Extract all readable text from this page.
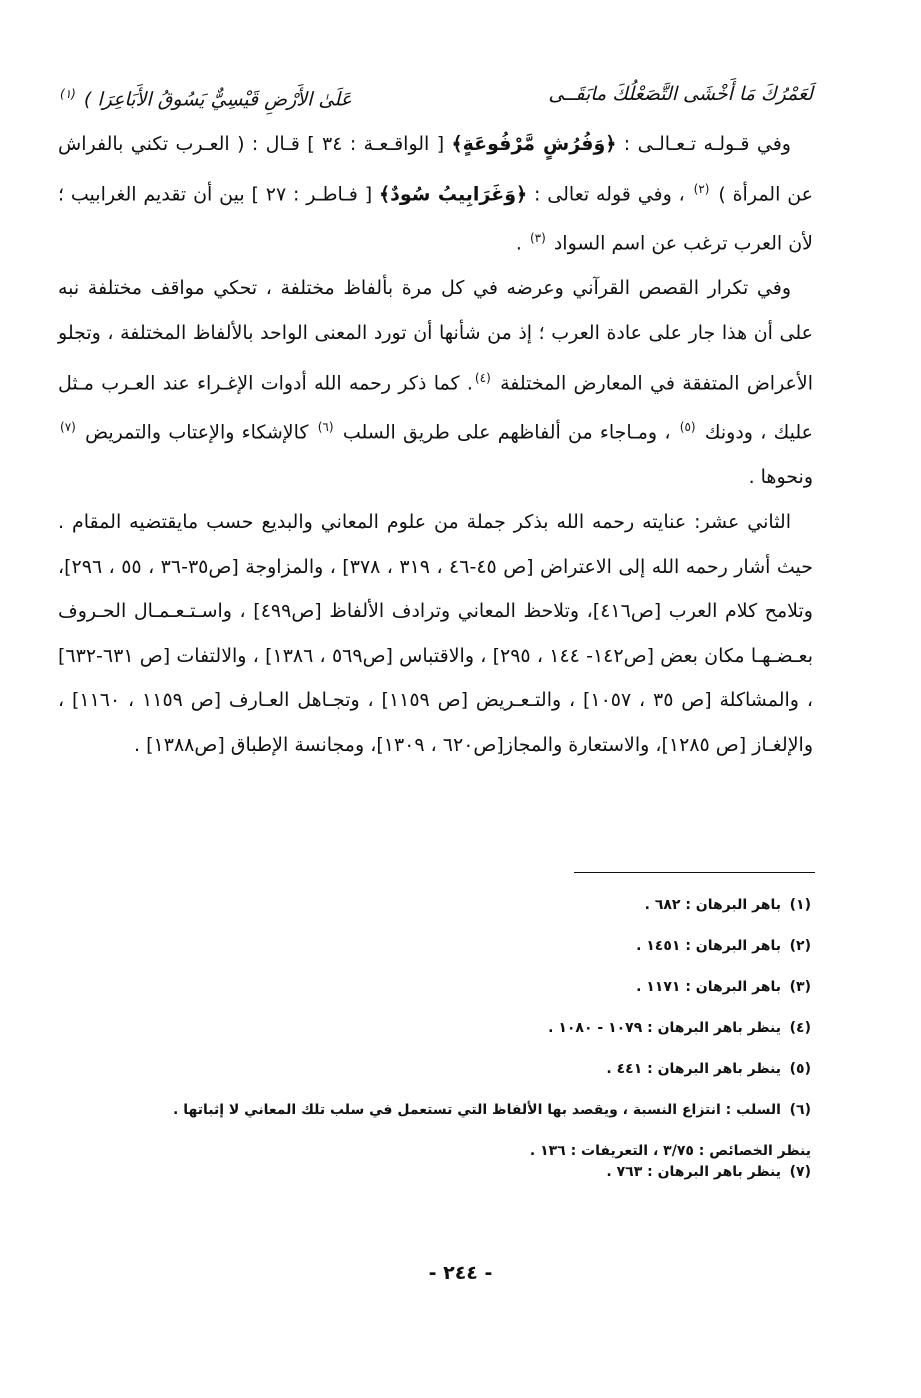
لَعَمْرُكَ مَا أَخْشَى التَّصَعْلُكَ مابَقَــى
عَلَىٰ الأَرْضِ قَيْسِيٌّ يَسُوقُ الأَبَاعِرَا ) $^{(١)}$

وفي قـولـه تـعـالـى : ﴿وَفُرُشٍ مَّرْفُوعَةٍ﴾ [ الواقـعـة : ٣٤ ] قـال : ( العـرب تكني بالفراش عن المرأة ) $^{(٢)}$ ، وفي قوله تعالى : ﴿وَغَرَابِيبُ سُودٌ﴾ [ فـاطـر : ٢٧ ] بين أن تقديم الغرابيب ؛ لأن العرب ترغب عن اسم السواد $^{(٣)}$ .

وفي تكرار القصص القرآني وعرضه في كل مرة بألفاظ مختلفة ، تحكي مواقف مختلفة نبه على أن هذا جار على عادة العرب ؛ إذ من شأنها أن تورد المعنى الواحد بالألفاظ المختلفة ، وتجلو الأعراض المتفقة في المعارض المختلفة $^{(٤)}$. كما ذكر رحمه الله أدوات الإغـراء عند العـرب مـثل عليك ، ودونك $^{(٥)}$ ، ومـاجاء من ألفاظهم على طريق السلب $^{(٦)}$ كالإشكاء والإعتاب والتمريض $^{(٧)}$ ونحوها .

الثاني عشر: عنايته رحمه الله بذكر جملة من علوم المعاني والبديع حسب مايقتضيه المقام . حيث أشار رحمه الله إلى الاعتراض [ص ٤٥-٤٦ ، ٣١٩ ، ٣٧٨] ، والمزاوجة [ص٣٥-٣٦ ، ٥٥ ، ٢٩٦]، وتلامح كلام العرب [ص٤١٦]، وتلاحظ المعاني وترادف الألفاظ [ص٤٩٩] ، واسـتـعـمـال الحـروف بعـضـهـا مكان بعض [ص١٤٢- ١٤٤ ، ٢٩٥] ، والاقتباس [ص٥٦٩ ، ١٣٨٦] ، والالتفات [ص ٦٣١-٦٣٢] ، والمشاكلة [ص ٣٥ ، ١٠٥٧] ، والتـعـريض [ص ١١٥٩] ، وتجـاهل العـارف [ص ١١٥٩ ، ١١٦٠] ، والإلغـاز [ص ١٢٨٥]، والاستعارة والمجاز[ص٦٢٠ ، ١٣٠٩]، ومجانسة الإطباق [ص١٣٨٨] .

(١)
باهر البرهان : ٦٨٢ .
(٢)
باهر البرهان : ١٤٥١ .
(٣)
باهر البرهان : ١١٧١ .
(٤)
ينظر باهر البرهان : ١٠٧٩ - ١٠٨٠ .
(٥)
ينظر باهر البرهان : ٤٤١ .
(٦)
السلب : انتزاع النسبة ، ويقصد بها الألفاظ التي تستعمل في سلب تلك المعاني لا إثباتها .
ينظر الخصائص : ٣/٧٥ ، التعريفات : ١٣٦ .
(٧)
ينظر باهر البرهان : ٧٦٣ .
- ٢٤٤ -
